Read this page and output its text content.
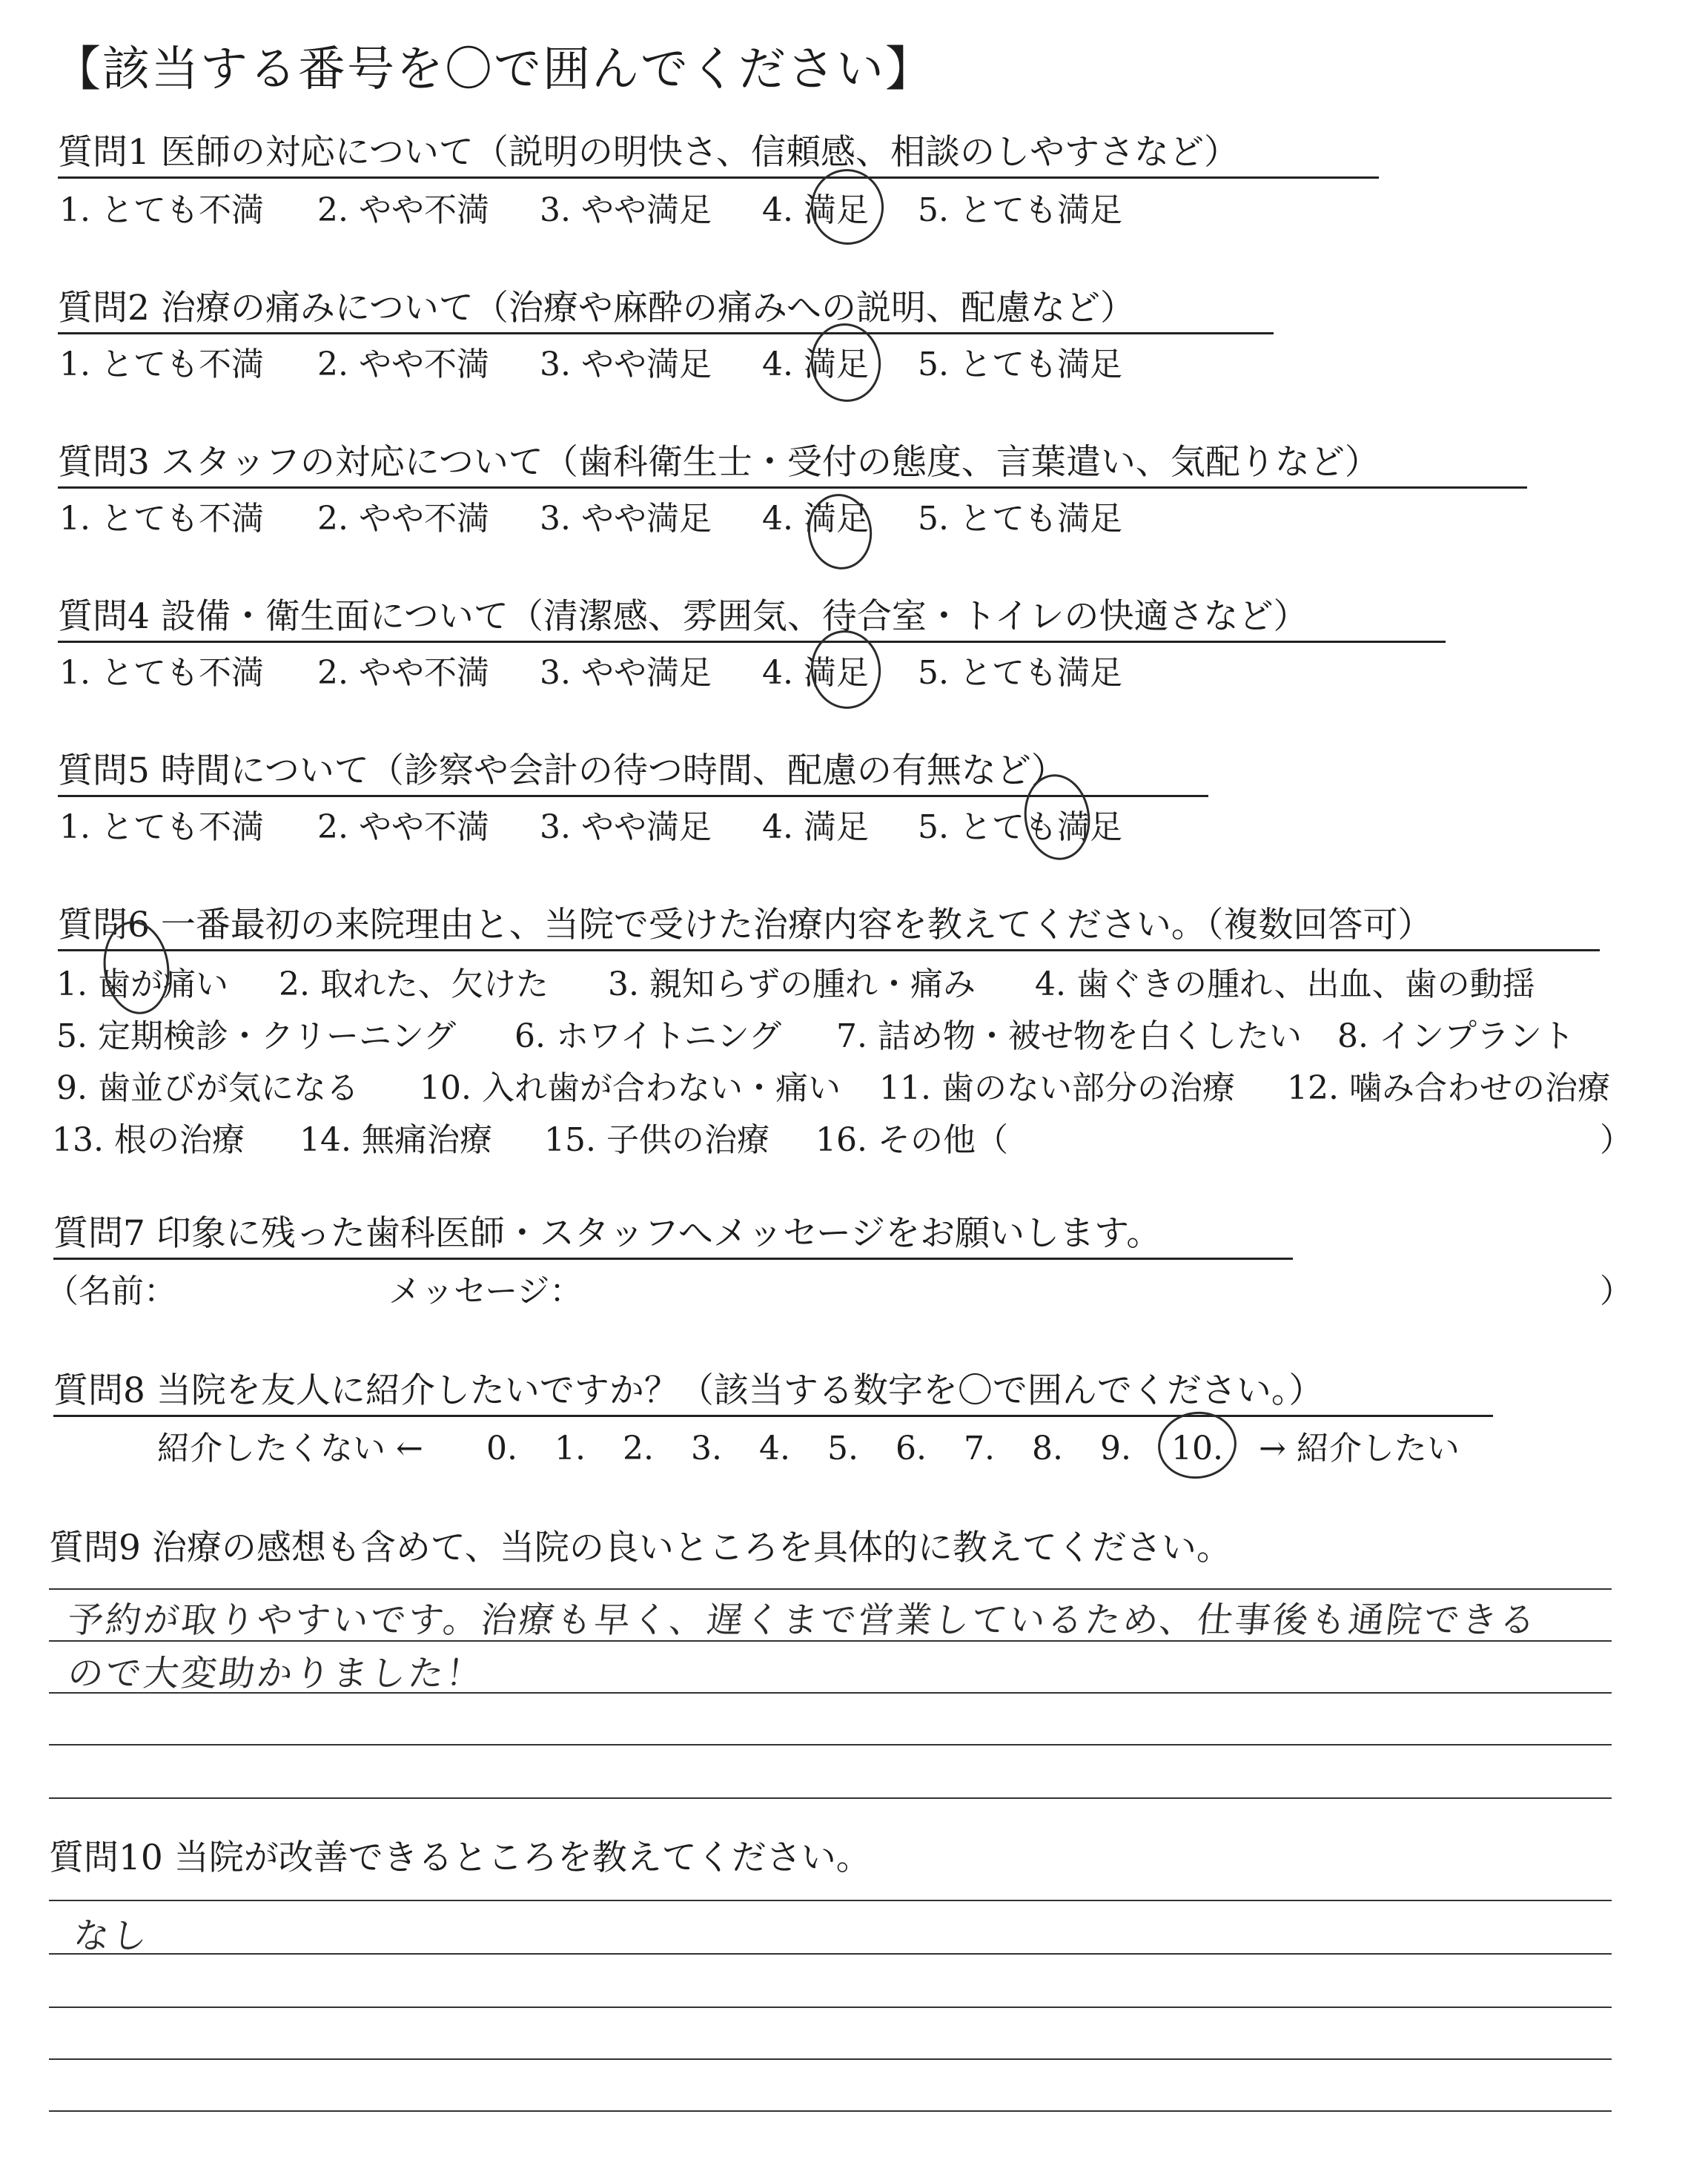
【該当する番号を〇で囲んでください】
質問1 医師の対応について（説明の明快さ、信頼感、相談のしやすさなど）
1. とても不満 2. やや不満 3. やや満足 4. 満足 5. とても満足
質問2 治療の痛みについて（治療や麻酔の痛みへの説明、配慮など）
1. とても不満 2. やや不満 3. やや満足 4. 満足 5. とても満足
質問3 スタッフの対応について（歯科衛生士・受付の態度、言葉遣い、気配りなど）
1. とても不満 2. やや不満 3. やや満足 4. 満足 5. とても満足
質問4 設備・衛生面について（清潔感、雰囲気、待合室・トイレの快適さなど）
1. とても不満 2. やや不満 3. やや満足 4. 満足 5. とても満足
質問5 時間について（診察や会計の待つ時間、配慮の有無など）
1. とても不満 2. やや不満 3. やや満足 4. 満足 5. とても満足
質問6 一番最初の来院理由と、当院で受けた治療内容を教えてください。（複数回答可）
1. 歯が痛い 2. 取れた、欠けた 3. 親知らずの腫れ・痛み 4. 歯ぐきの腫れ、出血、歯の動揺
5. 定期検診・クリーニング 6. ホワイトニング 7. 詰め物・被せ物を白くしたい 8. インプラント
9. 歯並びが気になる 10. 入れ歯が合わない・痛い 11. 歯のない部分の治療 12. 噛み合わせの治療
13. 根の治療 14. 無痛治療 15. 子供の治療 16. その他（	）
質問7 印象に残った歯科医師・スタッフへメッセージをお願いします。
（名前：	メッセージ：	）
質問8 当院を友人に紹介したいですか？（該当する数字を〇で囲んでください。）
紹介したくない ← 0. 1. 2. 3. 4. 5. 6. 7. 8. 9. 10. → 紹介したい
質問9 治療の感想も含めて、当院の良いところを具体的に教えてください。
予約が取りやすいです。治療も早く、遅くまで営業しているため、仕事後も通院できる
ので大変助かりました！
質問10 当院が改善できるところを教えてください。
なし
